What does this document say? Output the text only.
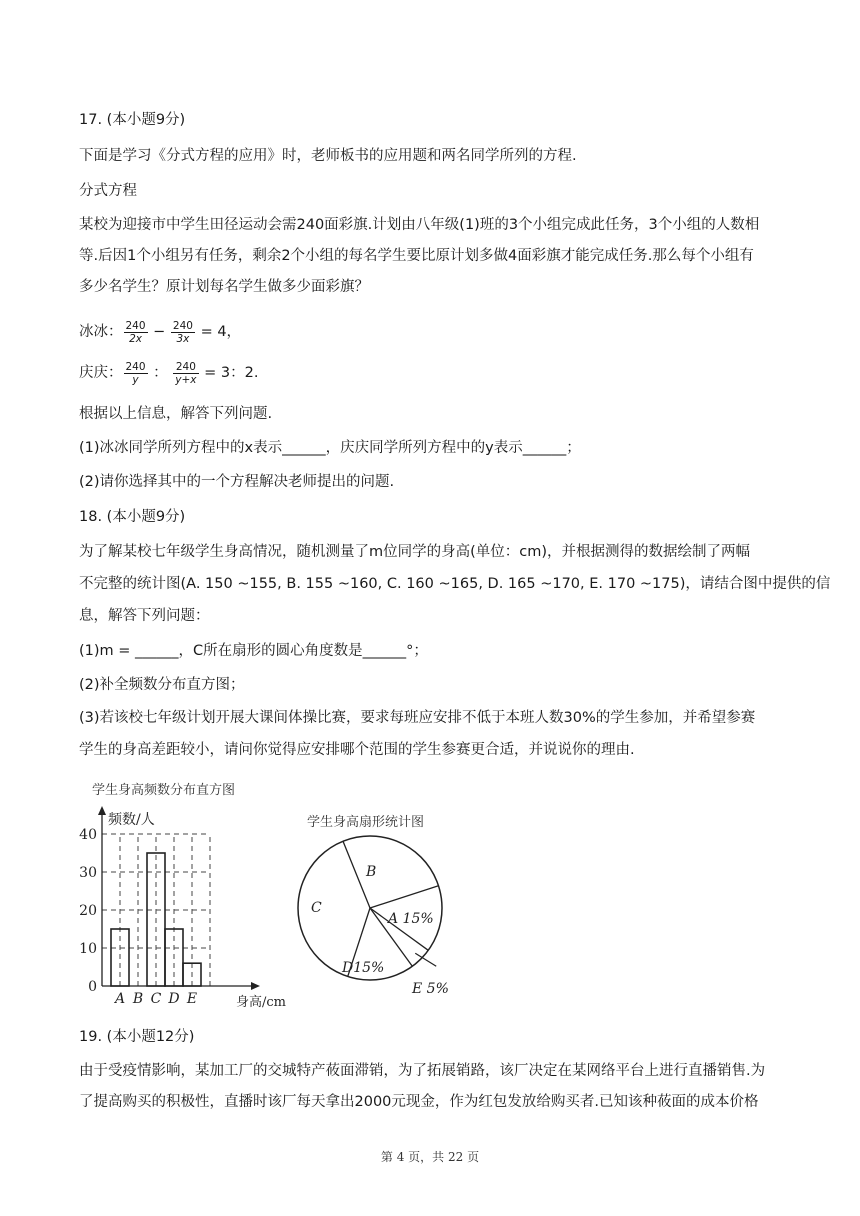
17. (本小题9分)
下面是学习《分式方程的应用》时，老师板书的应用题和两名同学所列的方程.
分式方程
某校为迎接市中学生田径运动会需240面彩旗.计划由八年级(1)班的3个小组完成此任务，3个小组的人数相
等.后因1个小组另有任务，剩余2个小组的每名学生要比原计划多做4面彩旗才能完成任务.那么每个小组有
多少名学生？原计划每名学生做多少面彩旗？
冰冰： $\frac{240}{2x} - \frac{240}{3x} = 4$，
庆庆： $\frac{240}{y}$ ： $\frac{240}{y+x} = 3$：2.
根据以上信息，解答下列问题.
(1)冰冰同学所列方程中的x表示______，庆庆同学所列方程中的y表示______；
(2)请你选择其中的一个方程解决老师提出的问题.
18. (本小题9分)
为了解某校七年级学生身高情况，随机测量了m位同学的身高(单位：cm)，并根据测得的数据绘制了两幅
不完整的统计图(A. 150 ~155, B. 155 ~160, C. 160 ~165, D. 165 ~170, E. 170 ~175)，请结合图中提供的信
息，解答下列问题：
(1)m = ______，C所在扇形的圆心角度数是______°；
(2)补全频数分布直方图；
(3)若该校七年级计划开展大课间体操比赛，要求每班应安排不低于本班人数30%的学生参加，并希望参赛
学生的身高差距较小，请问你觉得应安排哪个范围的学生参赛更合适，并说说你的理由.
学生身高频数分布直方图
学生身高扇形统计图
0
10
20
30
40
A B C D E
频数/人
身高/cm
B
C
A 15%
D15%
E 5%
19. (本小题12分)
由于受疫情影响，某加工厂的交城特产莜面滞销，为了拓展销路，该厂决定在某网络平台上进行直播销售.为
了提高购买的积极性，直播时该厂每天拿出2000元现金，作为红包发放给购买者.已知该种莜面的成本价格
第 4 页，共 22 页
